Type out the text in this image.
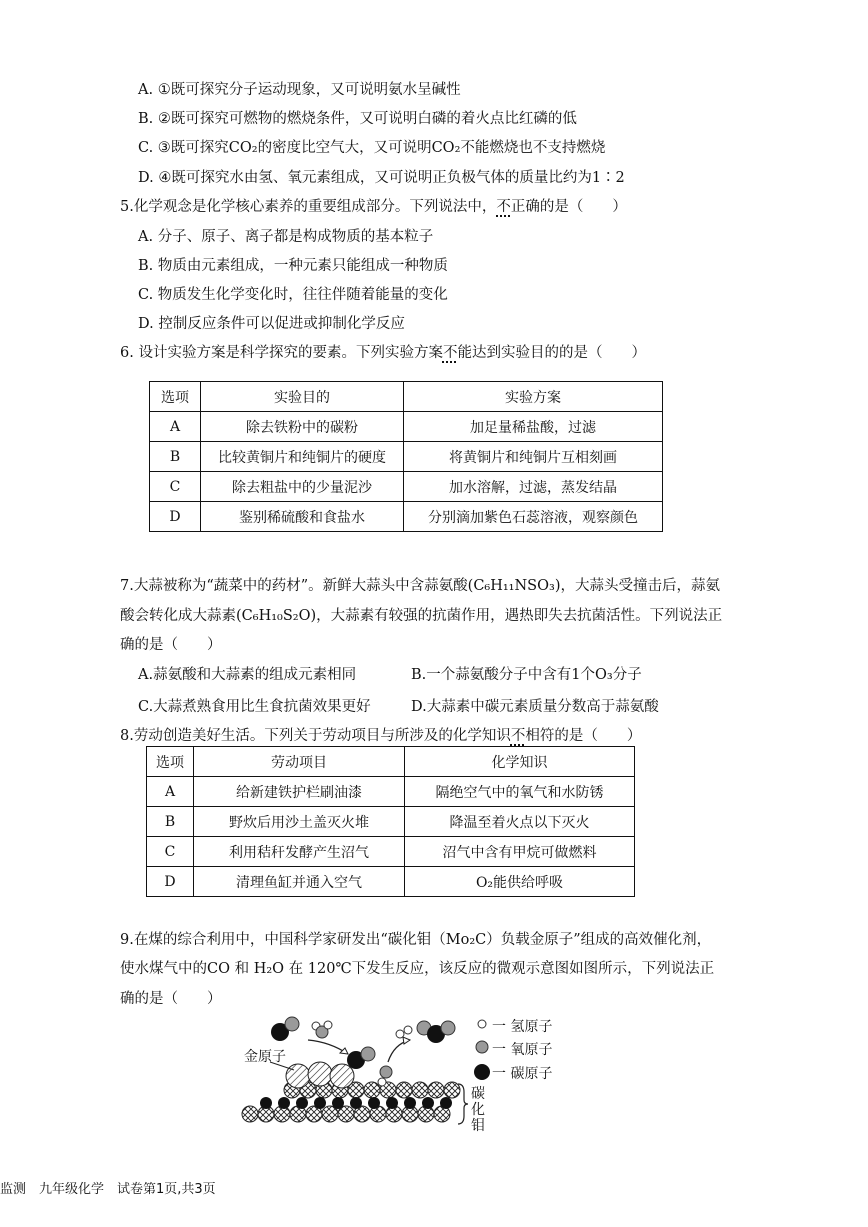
A. ①既可探究分子运动现象，又可说明氨水呈碱性
B. ②既可探究可燃物的燃烧条件，又可说明白磷的着火点比红磷的低
C. ③既可探究CO₂的密度比空气大，又可说明CO₂不能燃烧也不支持燃烧
D. ④既可探究水由氢、氧元素组成，又可说明正负极气体的质量比约为1∶2
5.化学观念是化学核心素养的重要组成部分。下列说法中，不正确的是（　　）
A. 分子、原子、离子都是构成物质的基本粒子
B. 物质由元素组成，一种元素只能组成一种物质
C. 物质发生化学变化时，往往伴随着能量的变化
D. 控制反应条件可以促进或抑制化学反应
6. 设计实验方案是科学探究的要素。下列实验方案不能达到实验目的的是（　　）
选项	实验目的	实验方案
A	除去铁粉中的碳粉	加足量稀盐酸，过滤
B	比较黄铜片和纯铜片的硬度	将黄铜片和纯铜片互相刻画
C	除去粗盐中的少量泥沙	加水溶解，过滤，蒸发结晶
D	鉴别稀硫酸和食盐水	分别滴加紫色石蕊溶液，观察颜色
7.大蒜被称为“蔬菜中的药材”。新鲜大蒜头中含蒜氨酸(C₆H₁₁NSO₃)，大蒜头受撞击后，蒜氨
酸会转化成大蒜素(C₆H₁₀S₂O)，大蒜素有较强的抗菌作用，遇热即失去抗菌活性。下列说法正
确的是（　　）
A.蒜氨酸和大蒜素的组成元素相同	B.一个蒜氨酸分子中含有1个O₃分子
C.大蒜煮熟食用比生食抗菌效果更好	D.大蒜素中碳元素质量分数高于蒜氨酸
8.劳动创造美好生活。下列关于劳动项目与所涉及的化学知识不相符的是（　　）
选项	劳动项目	化学知识
A	给新建铁护栏刷油漆	隔绝空气中的氧气和水防锈
B	野炊后用沙土盖灭火堆	降温至着火点以下灭火
C	利用秸秆发酵产生沼气	沼气中含有甲烷可做燃料
D	清理鱼缸并通入空气	O₂能供给呼吸
9.在煤的综合利用中，中国科学家研发出“碳化钼（Mo₂C）负载金原子”组成的高效催化剂，
使水煤气中的CO 和 H₂O 在 120℃下发生反应，该反应的微观示意图如图所示，下列说法正
确的是（　　）
金原子
一 氢原子
一 氧原子
一 碳原子
碳
化
钼
监测　九年级化学　试卷第1页,共3页
